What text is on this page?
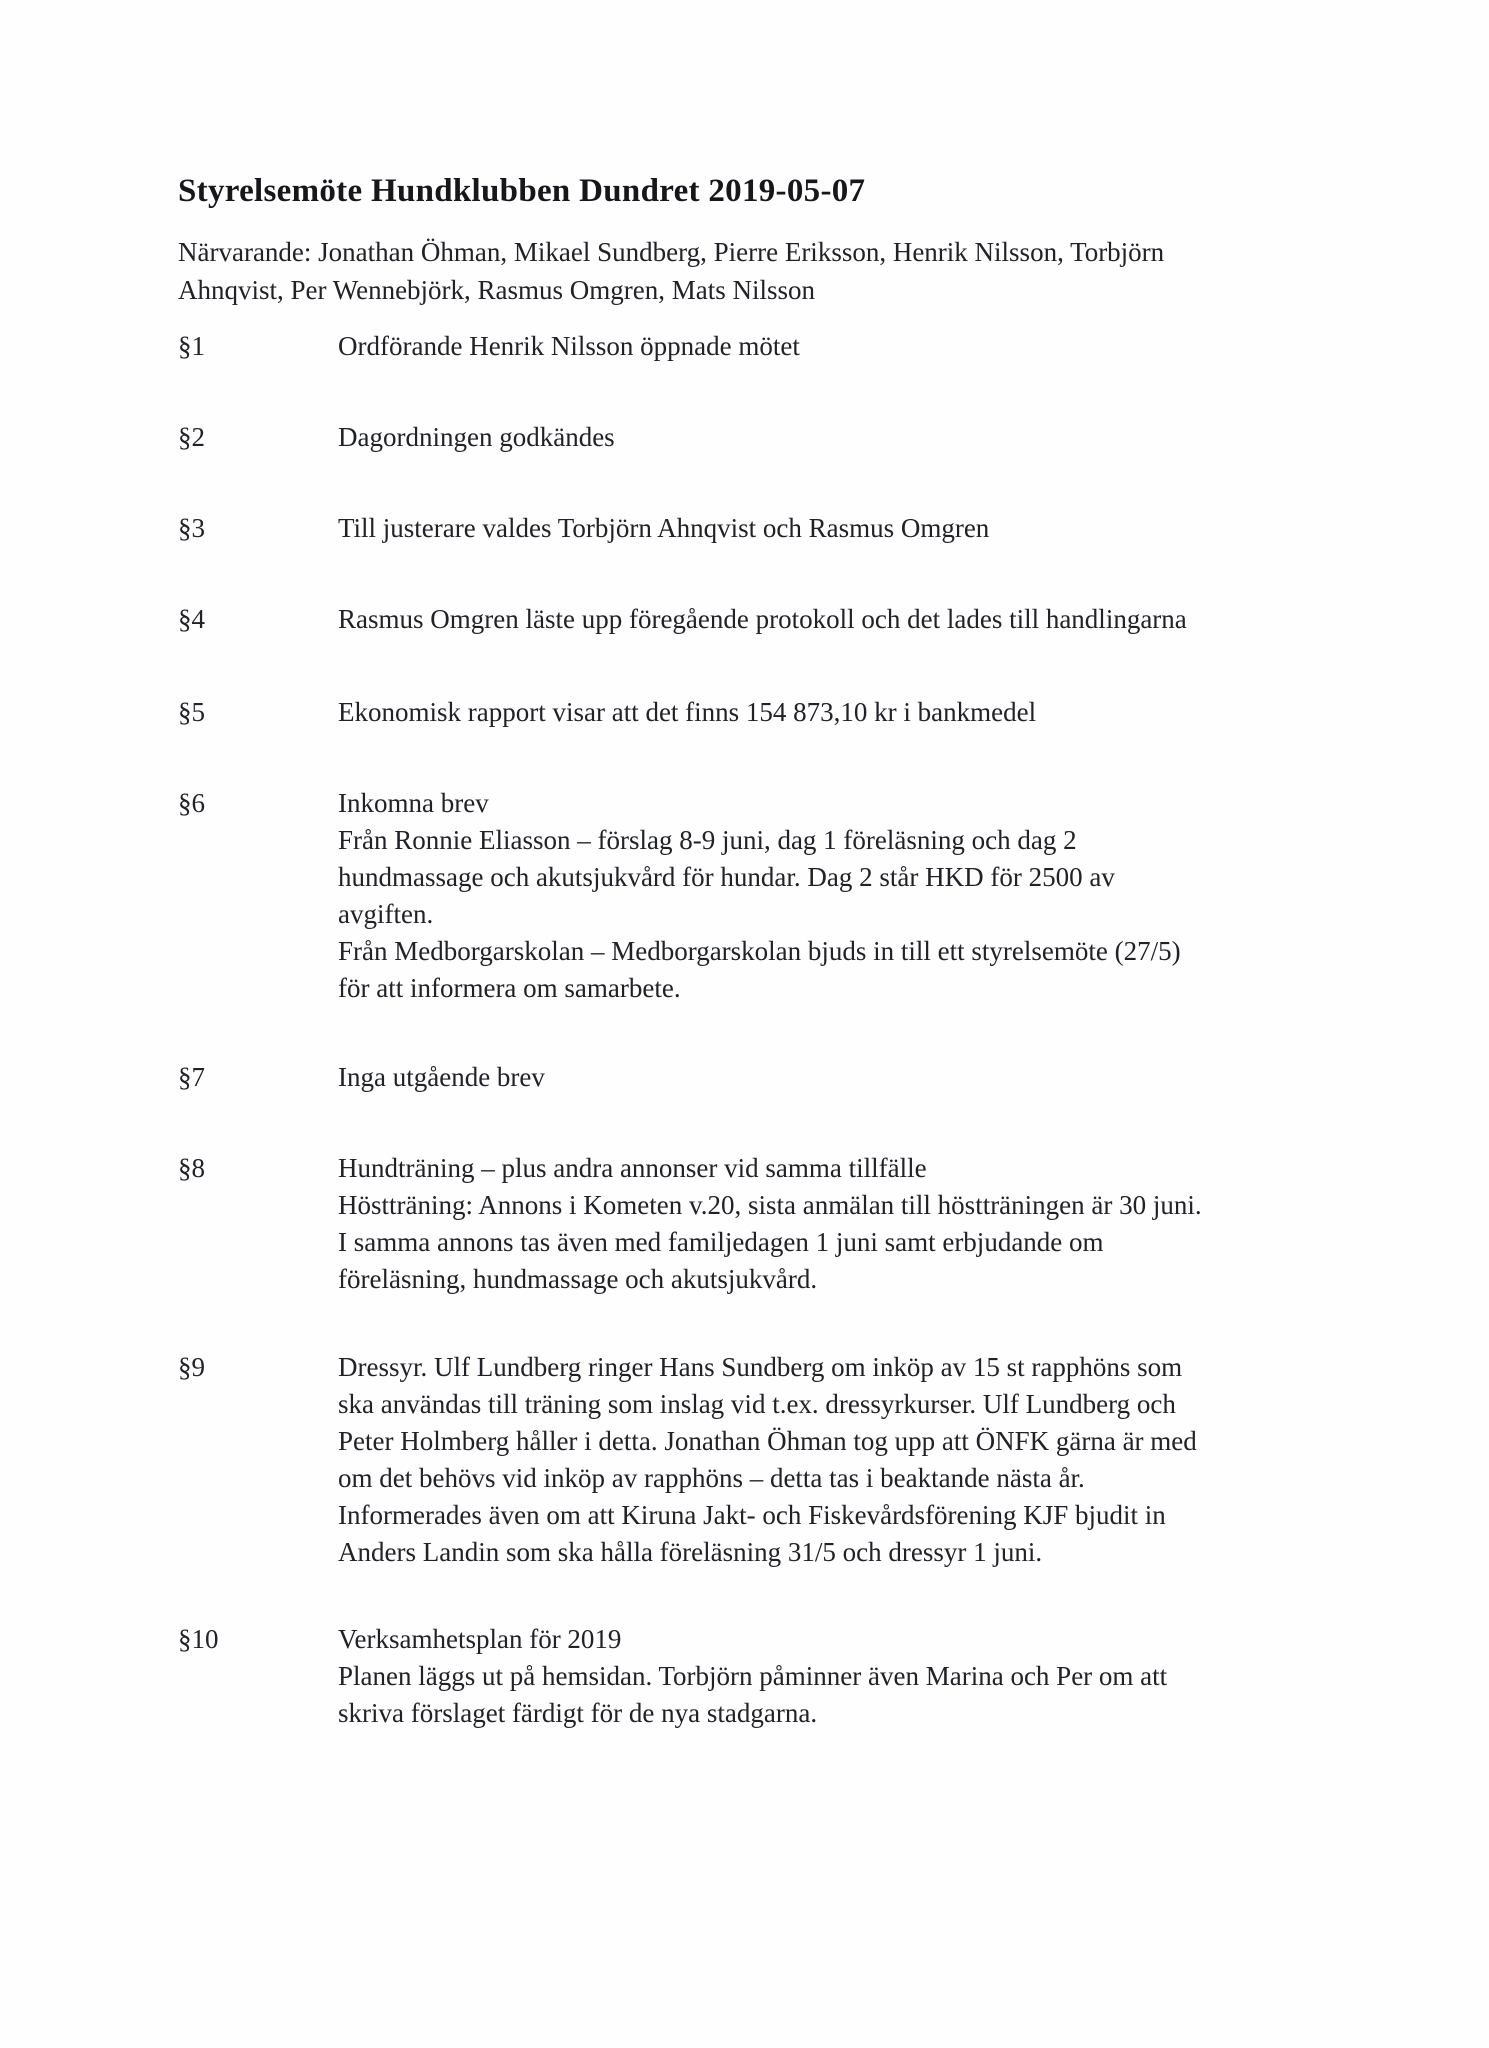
Styrelsemöte Hundklubben Dundret 2019-05-07
Närvarande: Jonathan Öhman, Mikael Sundberg, Pierre Eriksson, Henrik Nilsson, Torbjörn
Ahnqvist, Per Wennebjörk, Rasmus Omgren, Mats Nilsson
§1	Ordförande Henrik Nilsson öppnade mötet
§2	Dagordningen godkändes
§3	Till justerare valdes Torbjörn Ahnqvist och Rasmus Omgren
§4	Rasmus Omgren läste upp föregående protokoll och det lades till handlingarna
§5	Ekonomisk rapport visar att det finns 154 873,10 kr i bankmedel
§6	Inkomna brev
Från Ronnie Eliasson – förslag 8-9 juni, dag 1 föreläsning och dag 2
hundmassage och akutsjukvård för hundar. Dag 2 står HKD för 2500 av
avgiften.
Från Medborgarskolan – Medborgarskolan bjuds in till ett styrelsemöte (27/5)
för att informera om samarbete.
§7	Inga utgående brev
§8	Hundträning – plus andra annonser vid samma tillfälle
Höstträning: Annons i Kometen v.20, sista anmälan till höstträningen är 30 juni.
I samma annons tas även med familjedagen 1 juni samt erbjudande om
föreläsning, hundmassage och akutsjukvård.
§9	Dressyr. Ulf Lundberg ringer Hans Sundberg om inköp av 15 st rapphöns som
ska användas till träning som inslag vid t.ex. dressyrkurser. Ulf Lundberg och
Peter Holmberg håller i detta. Jonathan Öhman tog upp att ÖNFK gärna är med
om det behövs vid inköp av rapphöns – detta tas i beaktande nästa år.
Informerades även om att Kiruna Jakt- och Fiskevårdsförening KJF bjudit in
Anders Landin som ska hålla föreläsning 31/5 och dressyr 1 juni.
§10	Verksamhetsplan för 2019
Planen läggs ut på hemsidan. Torbjörn påminner även Marina och Per om att
skriva förslaget färdigt för de nya stadgarna.
